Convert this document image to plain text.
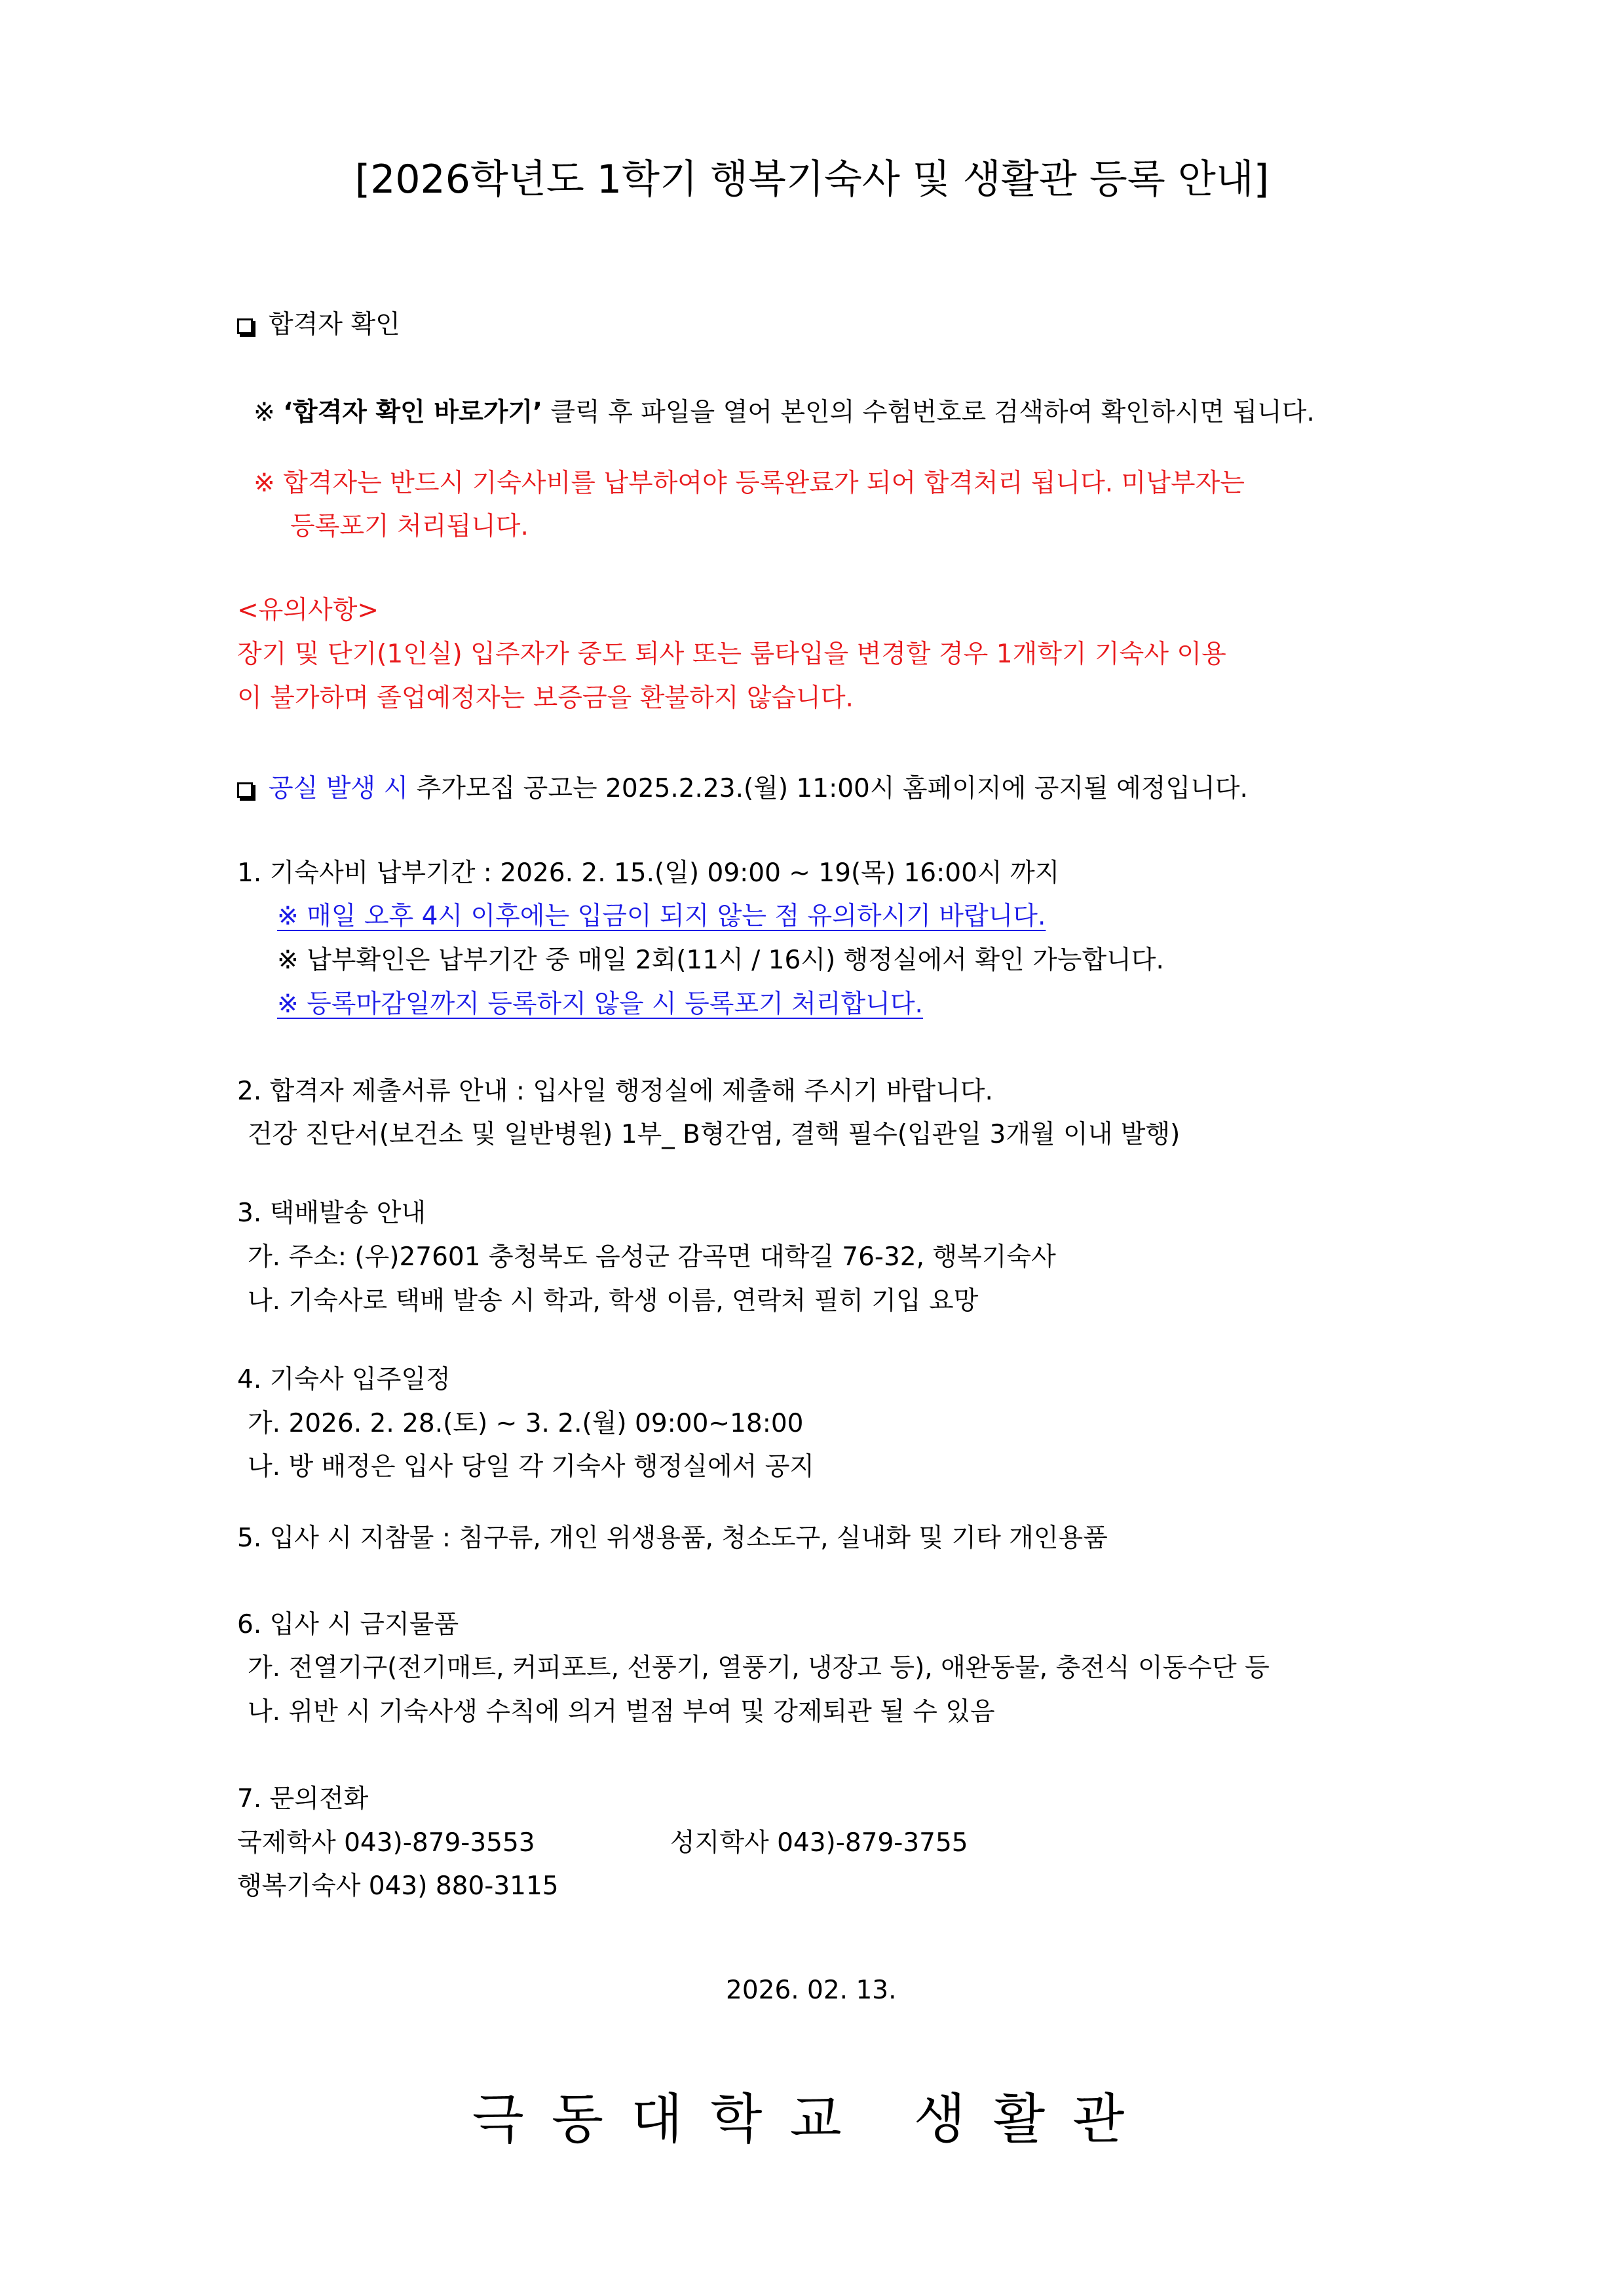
[2026학년도 1학기 행복기숙사 및 생활관 등록 안내]
합격자 확인
※ ‘합격자 확인 바로가기’ 클릭 후 파일을 열어 본인의 수험번호로 검색하여 확인하시면 됩니다.
※ 합격자는 반드시 기숙사비를 납부하여야 등록완료가 되어 합격처리 됩니다. 미납부자는
등록포기 처리됩니다.
<유의사항>
장기 및 단기(1인실) 입주자가 중도 퇴사 또는 룸타입을 변경할 경우 1개학기 기숙사 이용
이 불가하며 졸업예정자는 보증금을 환불하지 않습니다.
공실 발생 시 추가모집 공고는 2025.2.23.(월) 11:00시 홈페이지에 공지될 예정입니다.
1. 기숙사비 납부기간 : 2026. 2. 15.(일) 09:00 ~ 19(목) 16:00시 까지
※ 매일 오후 4시 이후에는 입금이 되지 않는 점 유의하시기 바랍니다.
※ 납부확인은 납부기간 중 매일 2회(11시 / 16시) 행정실에서 확인 가능합니다.
※ 등록마감일까지 등록하지 않을 시 등록포기 처리합니다.
2. 합격자 제출서류 안내 : 입사일 행정실에 제출해 주시기 바랍니다.
건강 진단서(보건소 및 일반병원) 1부_ B형간염, 결핵 필수(입관일 3개월 이내 발행)
3. 택배발송 안내
가. 주소: (우)27601 충청북도 음성군 감곡면 대학길 76-32, 행복기숙사
나. 기숙사로 택배 발송 시 학과, 학생 이름, 연락처 필히 기입 요망
4. 기숙사 입주일정
가. 2026. 2. 28.(토) ~ 3. 2.(월) 09:00~18:00
나. 방 배정은 입사 당일 각 기숙사 행정실에서 공지
5. 입사 시 지참물 : 침구류, 개인 위생용품, 청소도구, 실내화 및 기타 개인용품
6. 입사 시 금지물품
가. 전열기구(전기매트, 커피포트, 선풍기, 열풍기, 냉장고 등), 애완동물, 충전식 이동수단 등
나. 위반 시 기숙사생 수칙에 의거 벌점 부여 및 강제퇴관 될 수 있음
7. 문의전화
국제학사 043)-879-3553	성지학사 043)-879-3755
행복기숙사 043) 880-3115
2026. 02. 13.
극동대학교 생활관
